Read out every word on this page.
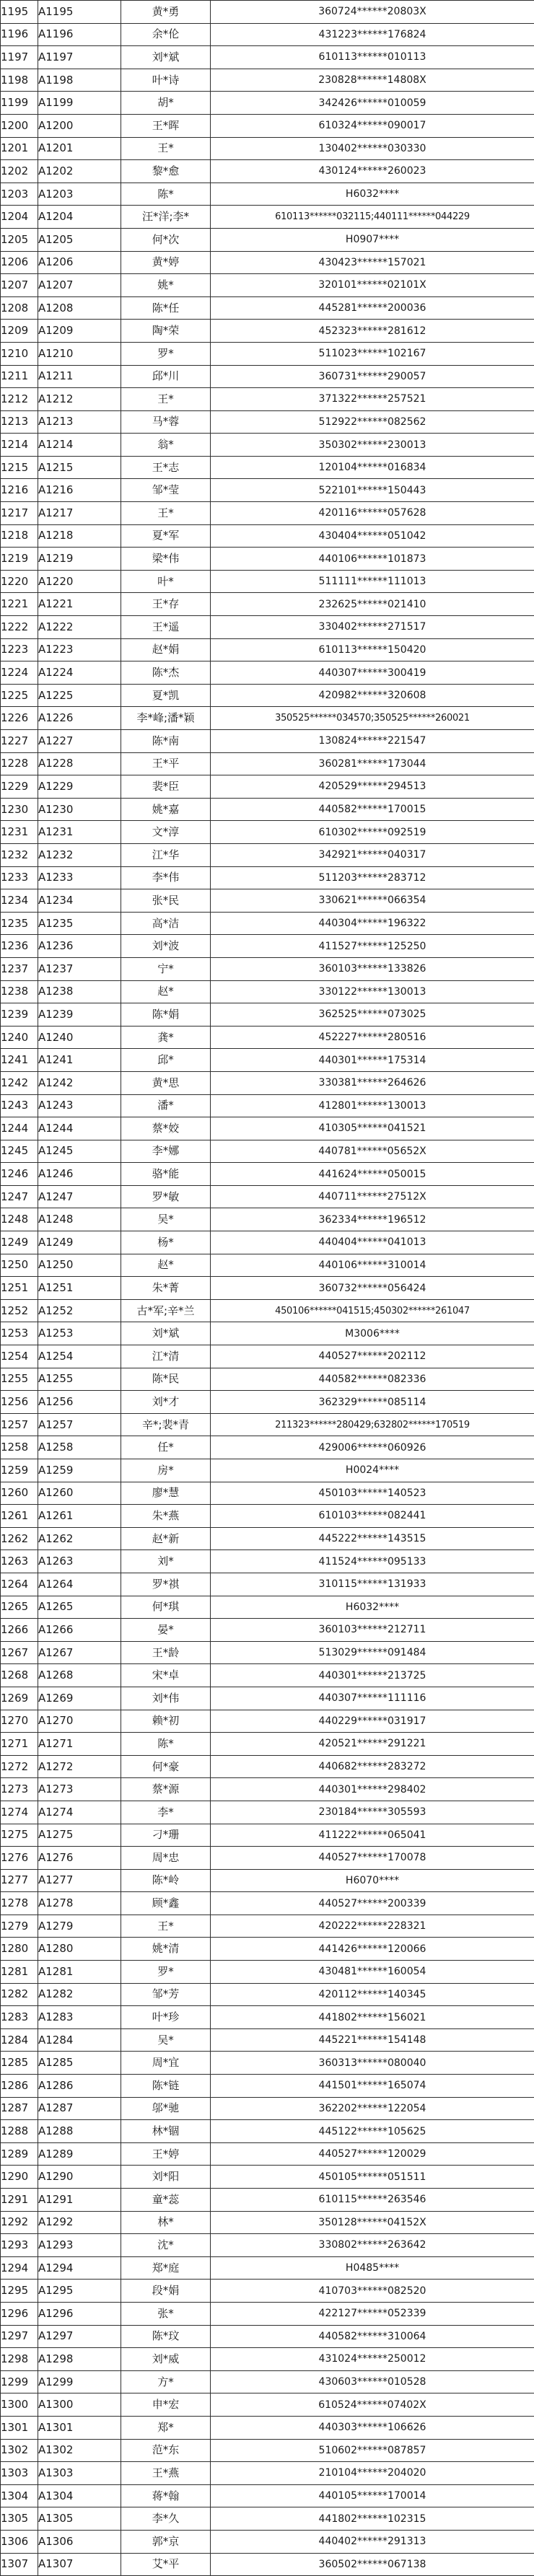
1195	A1195	黄*勇	360724******20803X
1196	A1196	余*伦	431223******176824
1197	A1197	刘*斌	610113******010113
1198	A1198	叶*诗	230828******14808X
1199	A1199	胡*	342426******010059
1200	A1200	王*晖	610324******090017
1201	A1201	王*	130402******030330
1202	A1202	黎*愈	430124******260023
1203	A1203	陈*	H6032****
1204	A1204	汪*洋;李*	610113******032115;440111******044229
1205	A1205	何*次	H0907****
1206	A1206	黄*婷	430423******157021
1207	A1207	姚*	320101******02101X
1208	A1208	陈*任	445281******200036
1209	A1209	陶*荣	452323******281612
1210	A1210	罗*	511023******102167
1211	A1211	邱*川	360731******290057
1212	A1212	王*	371322******257521
1213	A1213	马*蓉	512922******082562
1214	A1214	翁*	350302******230013
1215	A1215	王*志	120104******016834
1216	A1216	邹*莹	522101******150443
1217	A1217	王*	420116******057628
1218	A1218	夏*军	430404******051042
1219	A1219	梁*伟	440106******101873
1220	A1220	叶*	511111******111013
1221	A1221	王*存	232625******021410
1222	A1222	王*遥	330402******271517
1223	A1223	赵*娟	610113******150420
1224	A1224	陈*杰	440307******300419
1225	A1225	夏*凯	420982******320608
1226	A1226	李*峰;潘*颖	350525******034570;350525******260021
1227	A1227	陈*南	130824******221547
1228	A1228	王*平	360281******173044
1229	A1229	裴*臣	420529******294513
1230	A1230	姚*嘉	440582******170015
1231	A1231	文*淳	610302******092519
1232	A1232	江*华	342921******040317
1233	A1233	李*伟	511203******283712
1234	A1234	张*民	330621******066354
1235	A1235	高*洁	440304******196322
1236	A1236	刘*波	411527******125250
1237	A1237	宁*	360103******133826
1238	A1238	赵*	330122******130013
1239	A1239	陈*娟	362525******073025
1240	A1240	龚*	452227******280516
1241	A1241	邱*	440301******175314
1242	A1242	黄*思	330381******264626
1243	A1243	潘*	412801******130013
1244	A1244	蔡*姣	410305******041521
1245	A1245	李*娜	440781******05652X
1246	A1246	骆*能	441624******050015
1247	A1247	罗*敏	440711******27512X
1248	A1248	吴*	362334******196512
1249	A1249	杨*	440404******041013
1250	A1250	赵*	440106******310014
1251	A1251	朱*菁	360732******056424
1252	A1252	古*军;辛*兰	450106******041515;450302******261047
1253	A1253	刘*斌	M3006****
1254	A1254	江*清	440527******202112
1255	A1255	陈*民	440582******082336
1256	A1256	刘*才	362329******085114
1257	A1257	辛*;裴*青	211323******280429;632802******170519
1258	A1258	任*	429006******060926
1259	A1259	房*	H0024****
1260	A1260	廖*慧	450103******140523
1261	A1261	朱*燕	610103******082441
1262	A1262	赵*新	445222******143515
1263	A1263	刘*	411524******095133
1264	A1264	罗*祺	310115******131933
1265	A1265	何*琪	H6032****
1266	A1266	晏*	360103******212711
1267	A1267	王*龄	513029******091484
1268	A1268	宋*卓	440301******213725
1269	A1269	刘*伟	440307******111116
1270	A1270	赖*初	440229******031917
1271	A1271	陈*	420521******291221
1272	A1272	何*豪	440682******283272
1273	A1273	蔡*源	440301******298402
1274	A1274	李*	230184******305593
1275	A1275	刁*珊	411222******065041
1276	A1276	周*忠	440527******170078
1277	A1277	陈*岭	H6070****
1278	A1278	顾*鑫	440527******200339
1279	A1279	王*	420222******228321
1280	A1280	姚*清	441426******120066
1281	A1281	罗*	430481******160054
1282	A1282	邹*芳	420112******140345
1283	A1283	叶*珍	441802******156021
1284	A1284	吴*	445221******154148
1285	A1285	周*宜	360313******080040
1286	A1286	陈*链	441501******165074
1287	A1287	邬*驰	362202******122054
1288	A1288	林*锢	445122******105625
1289	A1289	王*婷	440527******120029
1290	A1290	刘*阳	450105******051511
1291	A1291	童*蕊	610115******263546
1292	A1292	林*	350128******04152X
1293	A1293	沈*	330802******263642
1294	A1294	郑*庭	H0485****
1295	A1295	段*娟	410703******082520
1296	A1296	张*	422127******052339
1297	A1297	陈*玟	440582******310064
1298	A1298	刘*威	431024******250012
1299	A1299	方*	430603******010528
1300	A1300	申*宏	610524******07402X
1301	A1301	郑*	440303******106626
1302	A1302	范*东	510602******087857
1303	A1303	王*燕	210104******204020
1304	A1304	蒋*翰	440105******170014
1305	A1305	李*久	441802******102315
1306	A1306	郭*京	440402******291313
1307	A1307	艾*平	360502******067138
